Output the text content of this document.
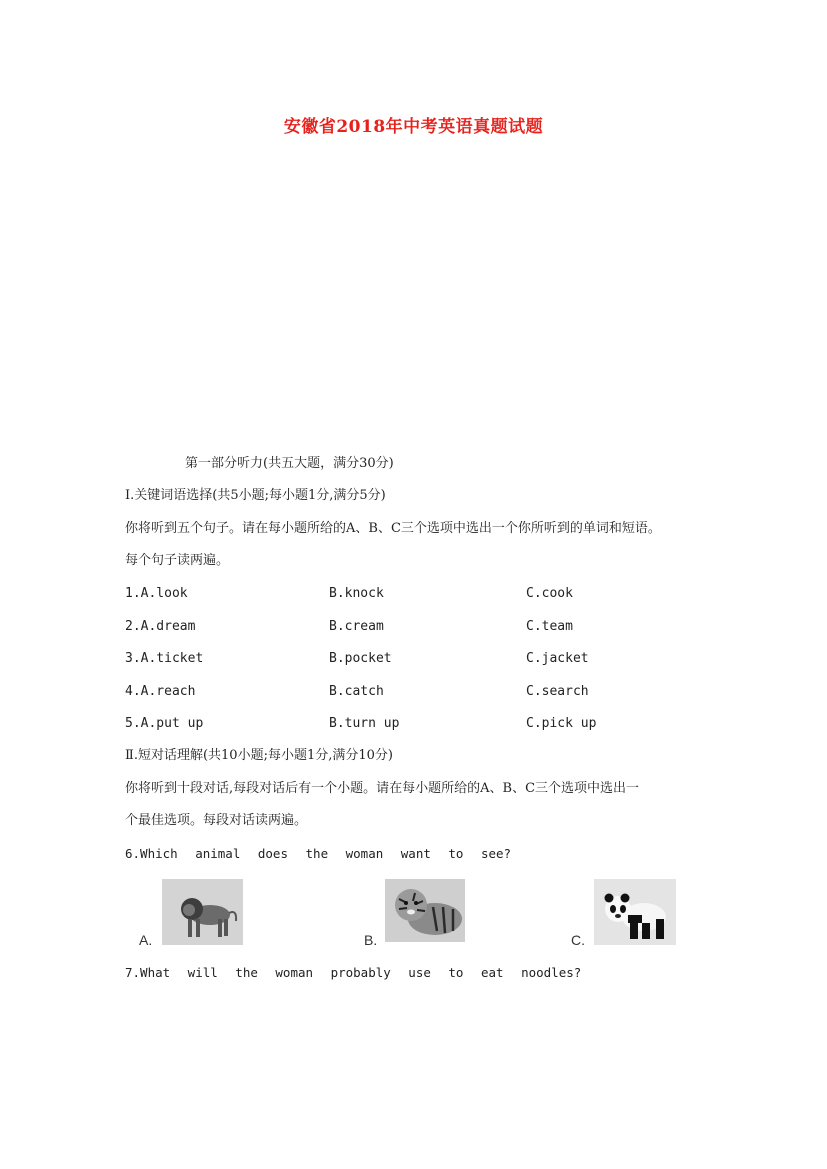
安徽省2018年中考英语真题试题
第一部分听力(共五大题，满分30分)
I.关键词语选择(共5小题;每小题1分,满分5分)
你将听到五个句子。请在每小题所给的A、B、C三个选项中选出一个你所听到的单词和短语。
每个句子读两遍。
1.A.look	B.knock	C.cook
2.A.dream	B.cream	C.team
3.A.ticket	B.pocket	C.jacket
4.A.reach	B.catch	C.search
5.A.put up	B.turn up	C.pick up
Ⅱ.短对话理解(共10小题;每小题1分,满分10分)
你将听到十段对话,每段对话后有一个小题。请在每小题所给的A、B、C三个选项中选出一
个最佳选项。每段对话读两遍。
6.Which animal does the woman want to see?
A.	B.	C.
7.What will the woman probably use to eat noodles?
